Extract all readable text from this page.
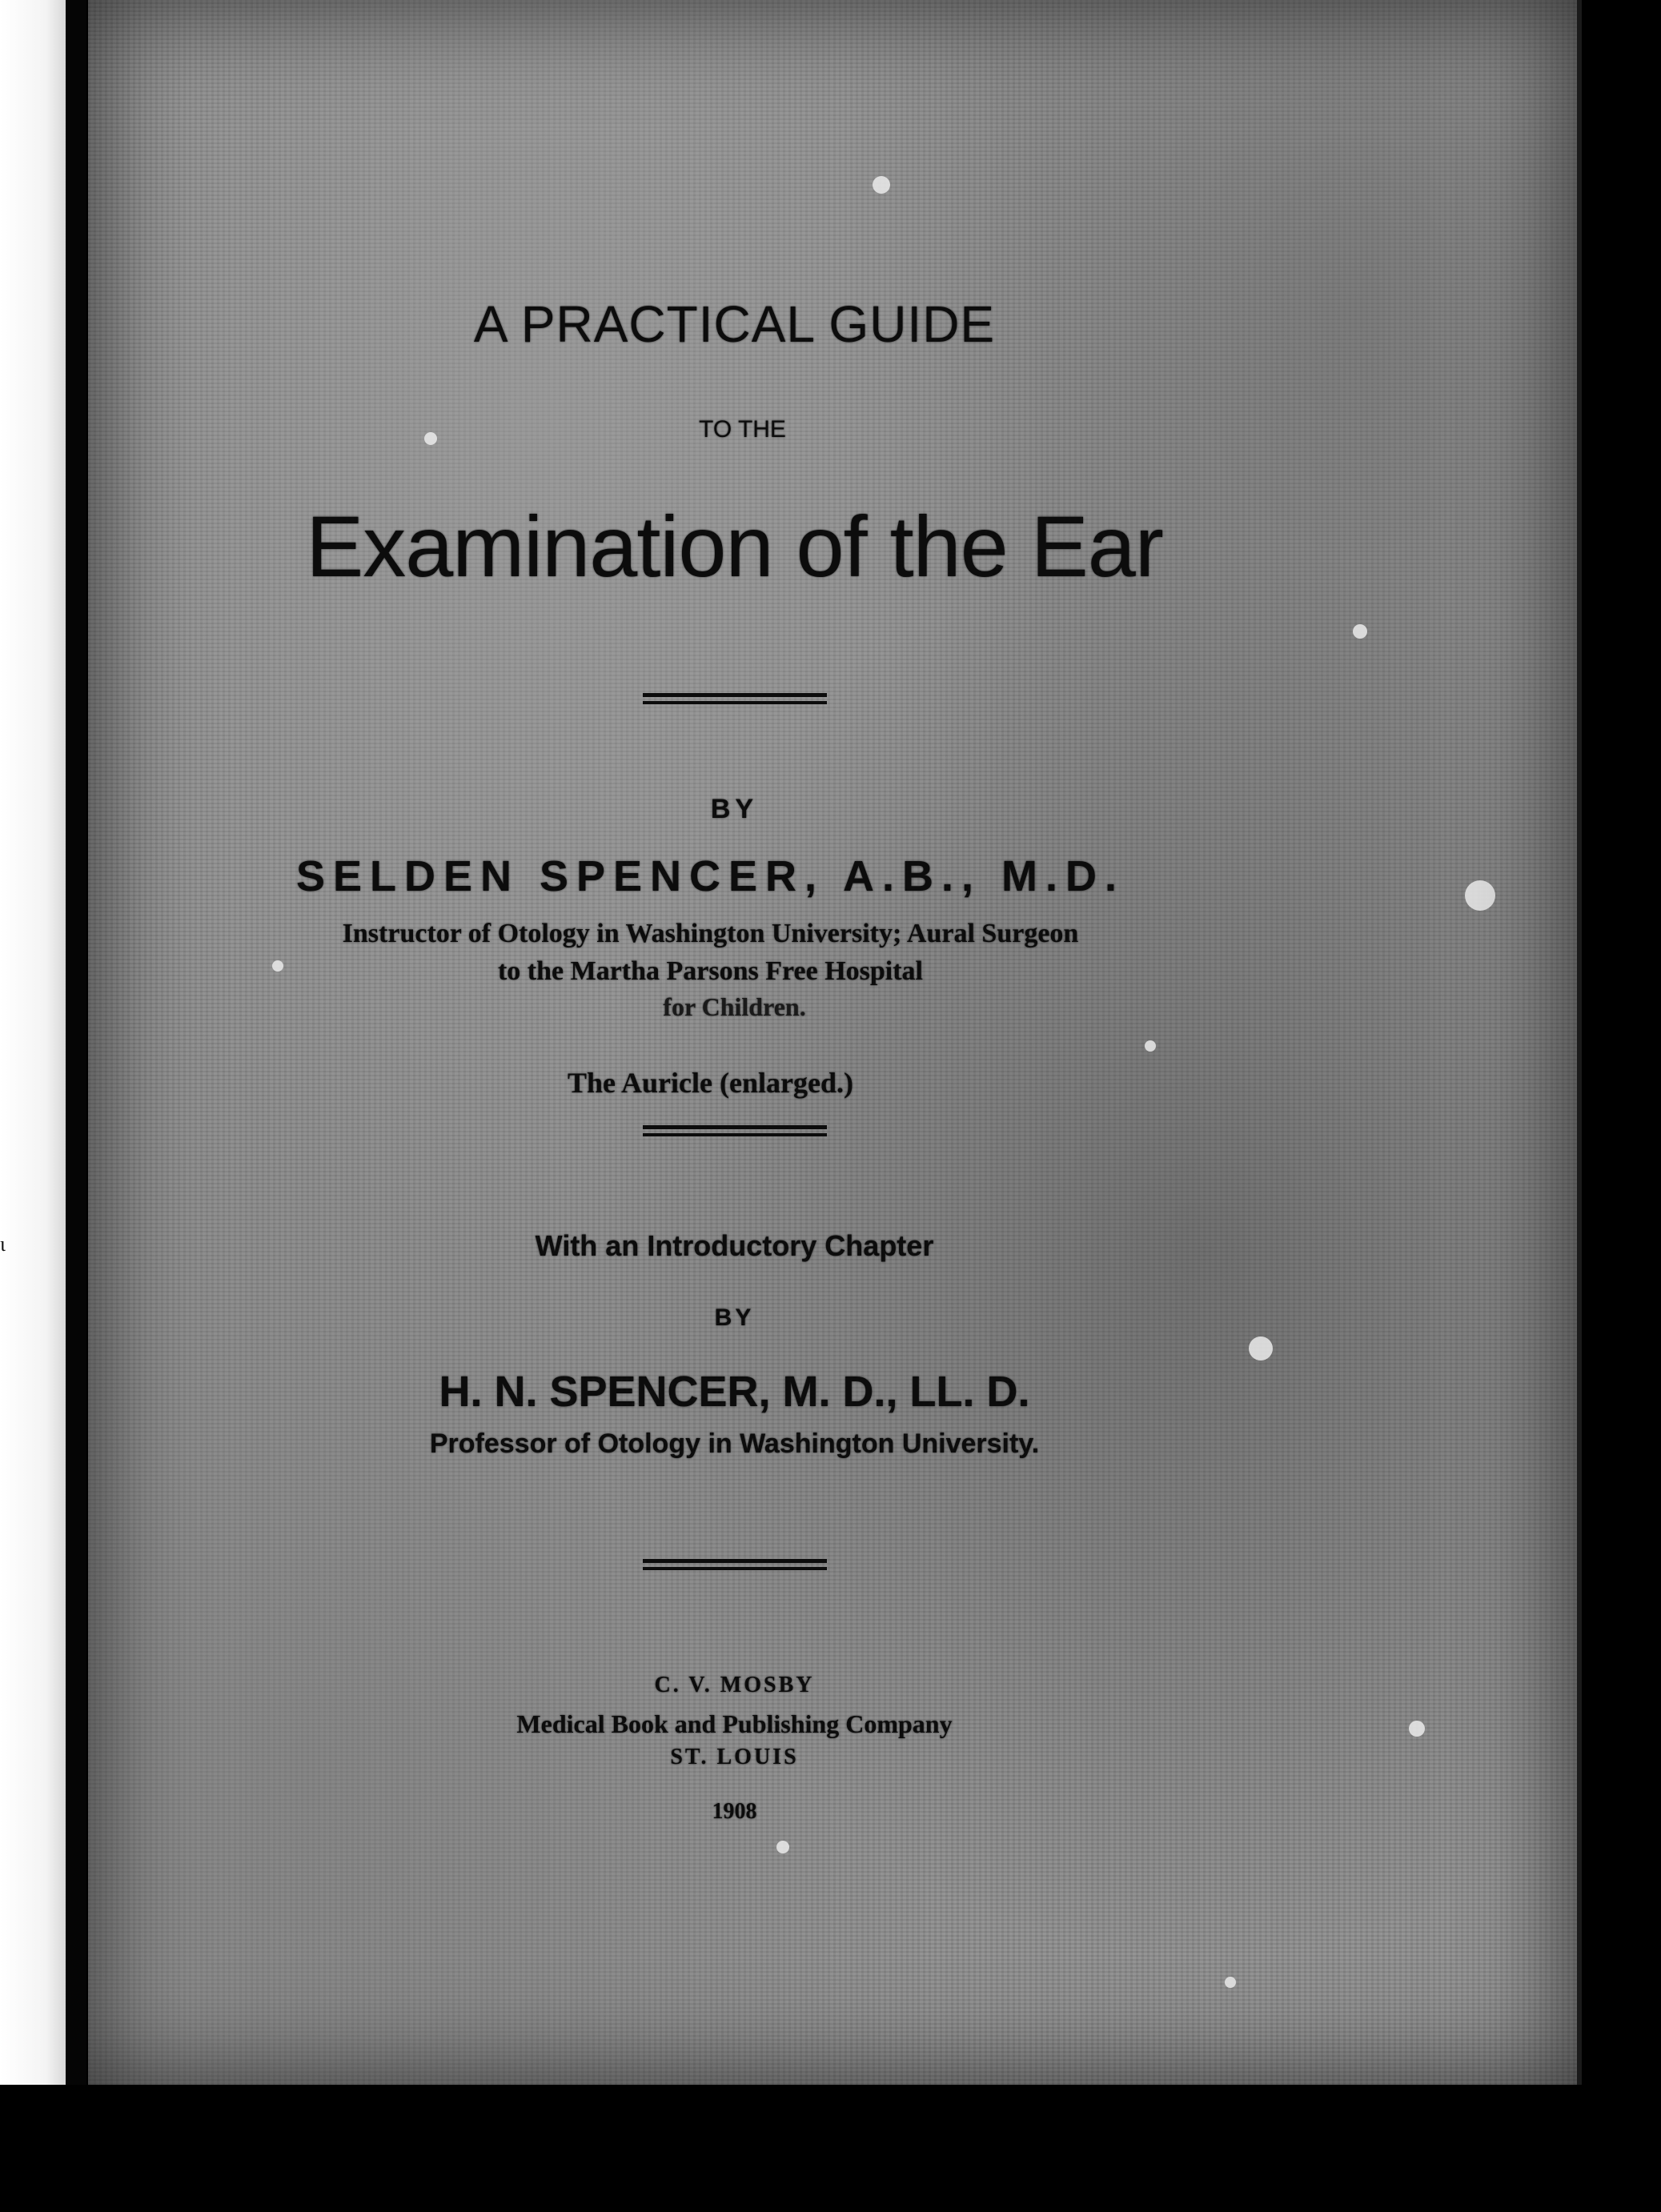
ɩ
A PRACTICAL GUIDE
TO THE
Examination of the Ear
BY
SELDEN SPENCER, A.B., M.D.
Instructor of Otology in Washington University; Aural Surgeon
to the Martha Parsons Free Hospital
for Children.
The Auricle (enlarged.)
With an Introductory Chapter
BY
H. N. SPENCER, M. D., LL. D.
Professor of Otology in Washington University.
C. V. MOSBY
Medical Book and Publishing Company
ST. LOUIS
1908
